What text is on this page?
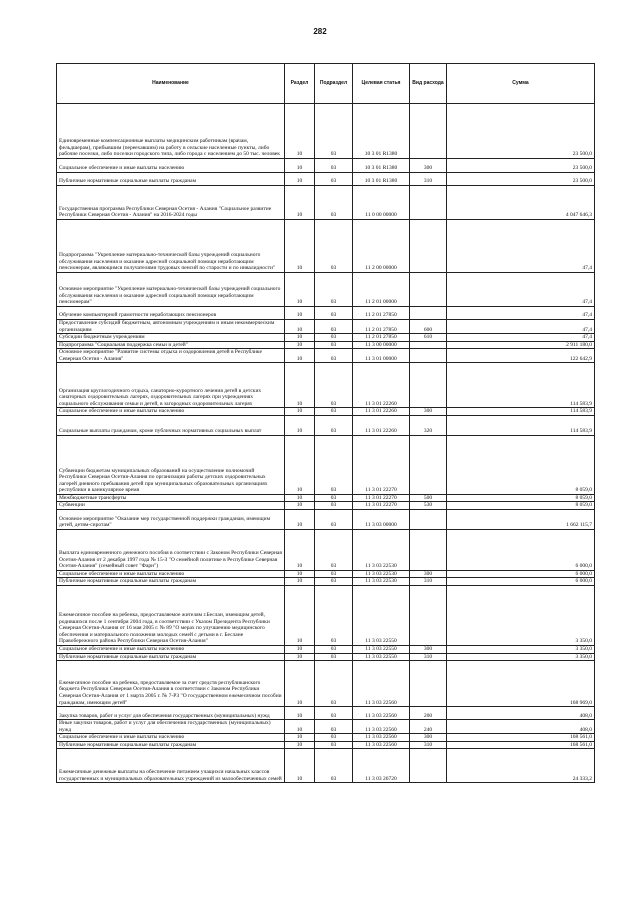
282
Наименование	Раздел	Подраздел	Целевая статья	Вид расхода	Сумма
Единовременные компенсационные выплаты медицинским работникам (врачам, фельдшерам), прибывшим (переехавшим) на работу в сельские населенные пункты, либо рабочие поселки, либо поселки городского типа, либо города с населением до 50 тыс. человек	10	03	10 3 01 R1380		23 500,0
Социальное обеспечение и иные выплаты населению	10	03	10 3 01 R1380	300	23 500,0
Публичные нормативные социальные выплаты гражданам	10	03	10 3 01 R1380	310	23 500,0
Государственная программа Республики Северная Осетия - Алания "Социальное развитие Республики Северная Осетия - Алания" на 2016-2024 годы	10	03	11 0 00 00000		4 047 646,3
Подпрограмма "Укрепление материально-технической базы учреждений социального обслуживания населения и оказание адресной социальной помощи неработающим пенсионерам, являющимся получателями трудовых пенсий по старости и по инвалидности"	10	03	11 2 00 00000		47,4
Основное мероприятие "Укрепление материально-технической базы учреждений социального обслуживания населения и оказание адресной социальной помощи неработающим пенсионерам"	10	03	11 2 01 00000		47,4
Обучение компьютерной грамотности неработающих пенсионеров	10	03	11 2 01 27850		47,4
Предоставление субсидий бюджетным, автономным учреждениям и иным некоммерческим организациям	10	03	11 2 01 27850	600	47,4
Субсидии бюджетным учреждениям	10	03	11 2 01 27850	610	47,4
Подпрограмма "Социальная поддержка семьи и детей"	10	03	11 3 00 00000		2 911 180,0
Основное мероприятие "Развитие системы отдыха и оздоровления детей в Республике Северная Осетия - Алания"	10	03	11 3 01 00000		122 642,9
Организация круглогодичного отдыха, санаторно-курортного лечения детей в детских санаторных оздоровительных лагерях, оздоровительных лагерях при учреждениях социального обслуживания семьи и детей, в загородных оздоровительных лагерях	10	03	11 3 01 22260		114 583,9
Социальное обеспечение и иные выплаты населению	10	03	11 3 01 22260	300	114 583,9
Социальные выплаты гражданам, кроме публичных нормативных социальных выплат	10	03	11 3 01 22260	320	114 583,9
Субвенции бюджетам муниципальных образований на осуществление полномочий Республики Северная Осетия-Алания по организации работы детских оздоровительных лагерей дневного пребывания детей при муниципальных образовательных организациях республики в каникулярное время	10	03	11 3 01 22270		8 059,0
Межбюджетные трансферты	10	03	11 3 01 22270	500	8 059,0
Субвенции	10	03	11 3 01 22270	530	8 059,0
Основное мероприятие "Оказание мер государственной поддержки гражданам, имеющим детей, детям-сиротам"	10	03	11 3 03 00000		1 662 115,7
Выплата единовременного денежного пособия в соответствии с Законом Республики Северная Осетия-Алания от 2 декабря 1997 года № 15-З "О семейной политике в Республике Северная Осетия-Алания" (семейный совет "Фарн")	10	03	11 3 03 22530		6 000,0
Социальное обеспечение и иные выплаты населению	10	03	11 3 03 22530	300	6 000,0
Публичные нормативные социальные выплаты гражданам	10	03	11 3 03 22530	310	6 000,0
Ежемесячное пособие на ребенка, предоставляемое жителям г.Беслан, имеющим детей, родившихся после 1 сентября 2004 года, в соответствии с Указом Президента Республики Северная Осетия-Алания от 16 мая 2005 г. № 89 "О мерах по улучшению медицинского обеспечения и материального положения молодых семей с детьми в г. Беслане Правобережного района Республики Северная Осетия-Алания"	10	03	11 3 03 22550		3 350,0
Социальное обеспечение и иные выплаты населению	10	03	11 3 03 22550	300	3 350,0
Публичные нормативные социальные выплаты гражданам	10	03	11 3 03 22550	310	3 350,0
Ежемесячное пособие на ребенка, предоставляемое за счет средств республиканского бюджета Республики Северная Осетия-Алания в соответствии с Законом Республики Северная Осетия-Алания от 1 марта 2005 г. № 7-РЗ "О государственном ежемесячном пособии гражданам, имеющим детей"	10	03	11 3 03 22560		168 969,0
Закупка товаров, работ и услуг для обеспечения государственных (муниципальных) нужд	10	03	11 3 03 22560	200	408,0
Иные закупки товаров, работ и услуг для обеспечения государственных (муниципальных) нужд	10	03	11 3 03 22560	240	408,0
Социальное обеспечение и иные выплаты населению	10	03	11 3 03 22560	300	168 561,0
Публичные нормативные социальные выплаты гражданам	10	03	11 3 03 22560	310	168 561,0
Ежемесячные денежные выплаты на обеспечение питанием учащихся начальных классов государственных и муниципальных образовательных учреждений из малообеспеченных семей	10	03	11 3 03 26720		24 333,2
